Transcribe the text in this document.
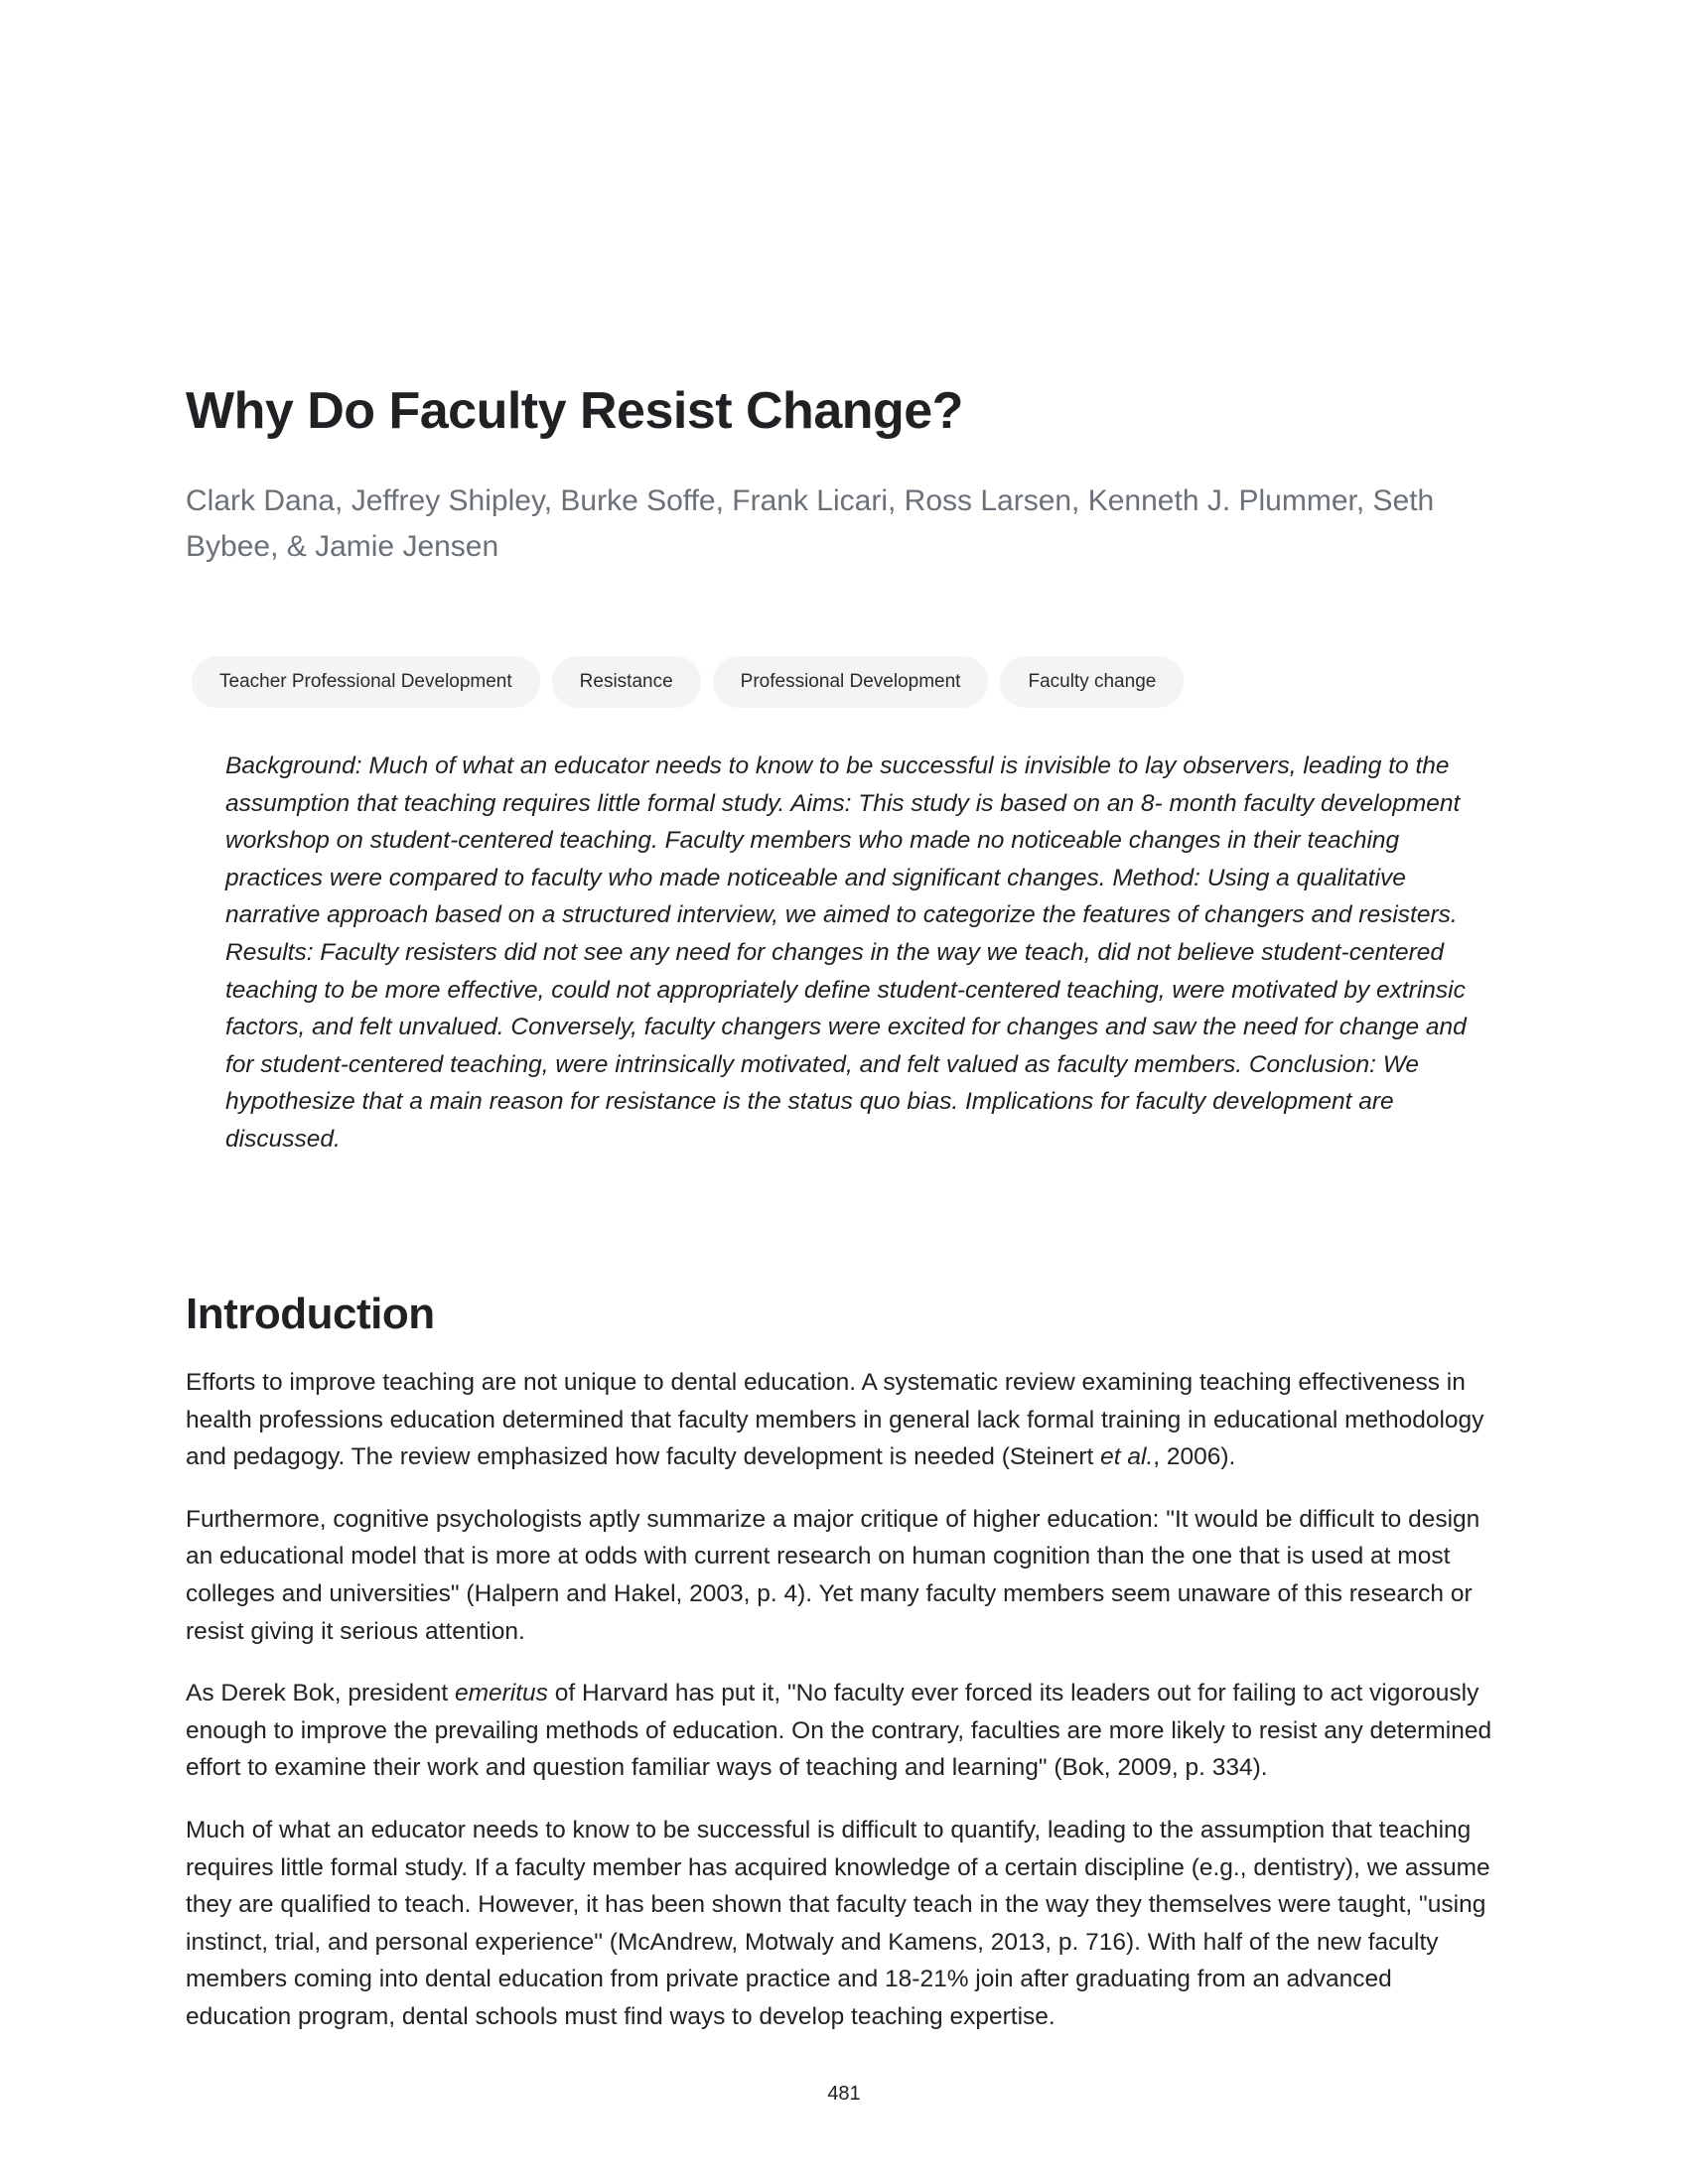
Why Do Faculty Resist Change?

Clark Dana, Jeffrey Shipley, Burke Soffe, Frank Licari, Ross Larsen, Kenneth J. Plummer, Seth Bybee, & Jamie Jensen

Teacher Professional Development	Resistance	Professional Development	Faculty change

Background: Much of what an educator needs to know to be successful is invisible to lay observers, leading to the assumption that teaching requires little formal study. Aims: This study is based on an 8- month faculty development workshop on student-centered teaching. Faculty members who made no noticeable changes in their teaching practices were compared to faculty who made noticeable and significant changes. Method: Using a qualitative narrative approach based on a structured interview, we aimed to categorize the features of changers and resisters. Results: Faculty resisters did not see any need for changes in the way we teach, did not believe student-centered teaching to be more effective, could not appropriately define student-centered teaching, were motivated by extrinsic factors, and felt unvalued. Conversely, faculty changers were excited for changes and saw the need for change and for student-centered teaching, were intrinsically motivated, and felt valued as faculty members. Conclusion: We hypothesize that a main reason for resistance is the status quo bias. Implications for faculty development are discussed.

Introduction

Efforts to improve teaching are not unique to dental education. A systematic review examining teaching effectiveness in health professions education determined that faculty members in general lack formal training in educational methodology and pedagogy. The review emphasized how faculty development is needed (Steinert et al., 2006).

Furthermore, cognitive psychologists aptly summarize a major critique of higher education: "It would be difficult to design an educational model that is more at odds with current research on human cognition than the one that is used at most colleges and universities" (Halpern and Hakel, 2003, p. 4). Yet many faculty members seem unaware of this research or resist giving it serious attention.

As Derek Bok, president emeritus of Harvard has put it, "No faculty ever forced its leaders out for failing to act vigorously enough to improve the prevailing methods of education. On the contrary, faculties are more likely to resist any determined effort to examine their work and question familiar ways of teaching and learning" (Bok, 2009, p. 334).

Much of what an educator needs to know to be successful is difficult to quantify, leading to the assumption that teaching requires little formal study. If a faculty member has acquired knowledge of a certain discipline (e.g., dentistry), we assume they are qualified to teach. However, it has been shown that faculty teach in the way they themselves were taught, "using instinct, trial, and personal experience" (McAndrew, Motwaly and Kamens, 2013, p. 716). With half of the new faculty members coming into dental education from private practice and 18-21% join after graduating from an advanced education program, dental schools must find ways to develop teaching expertise.

481
